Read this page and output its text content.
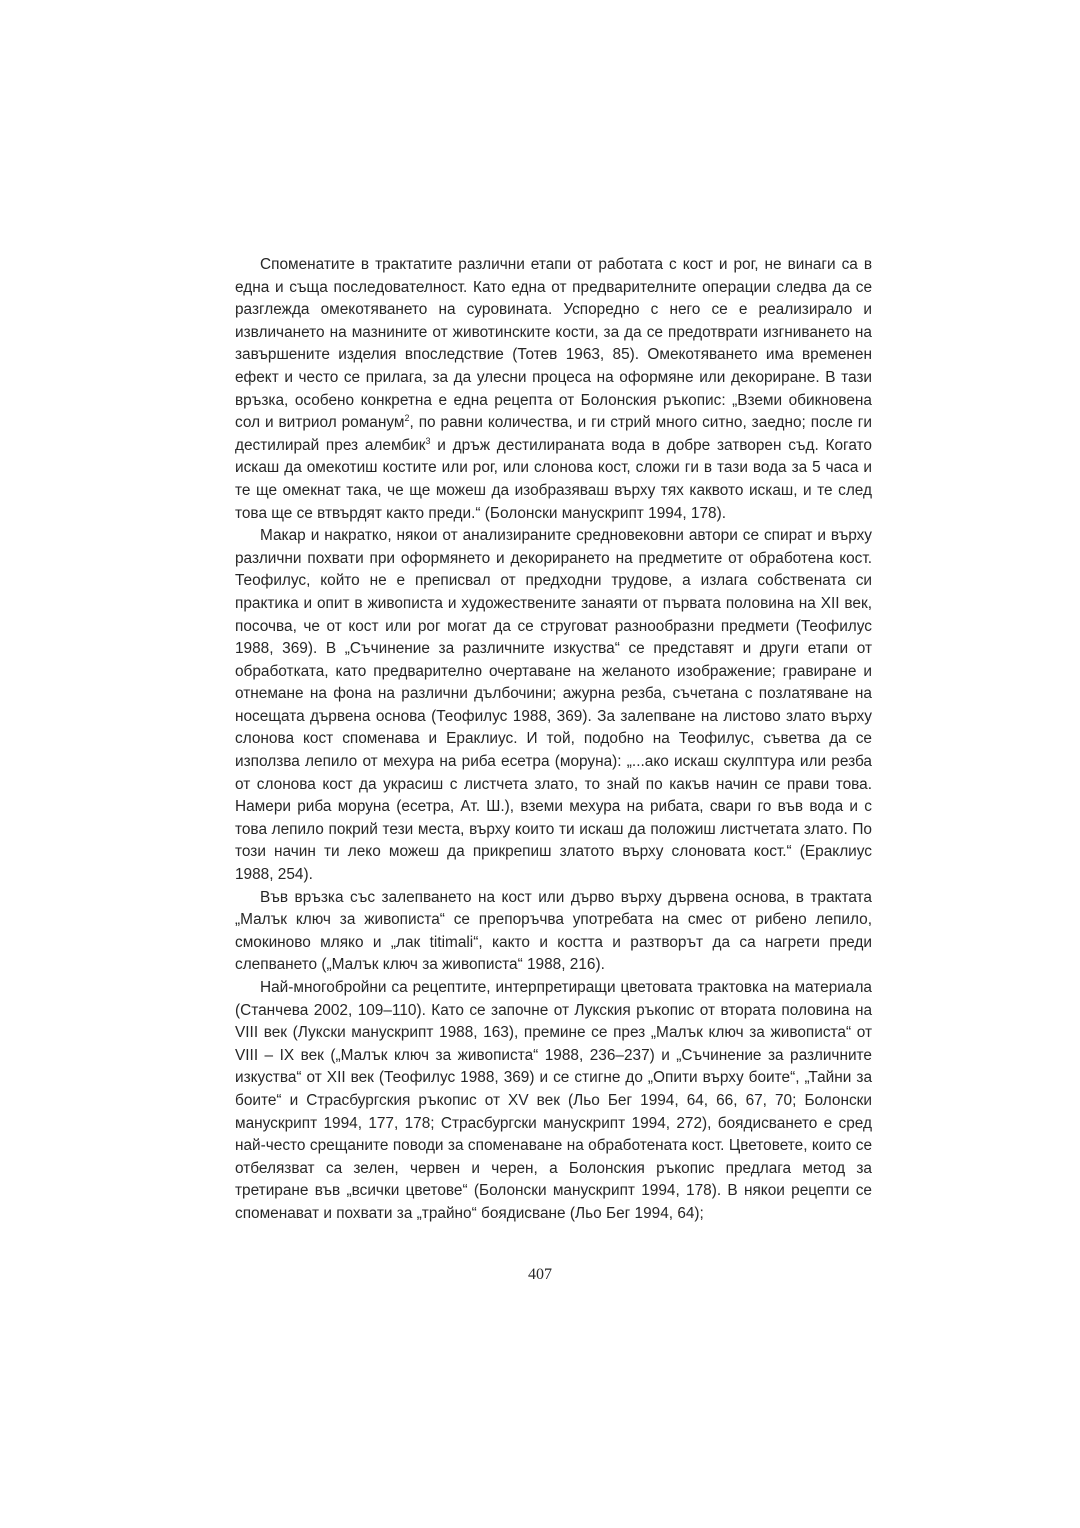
Споменатите в трактатите различни етапи от работата с кост и рог, не винаги са в една и съща последователност. Като една от предварителните операции следва да се разглежда омекотяването на суровината. Успоредно с него се е реализирало и извличането на мазнините от животинските кости, за да се предотврати изгниването на завършените изделия впоследствие (Тотев 1963, 85). Омекотяването има временен ефект и често се прилага, за да улесни процеса на оформяне или декориране. В тази връзка, особено конкретна е една рецепта от Болонския ръкопис: „Вземи обикновена сол и витриол романум$^2$, по равни количества, и ги стрий много ситно, заедно; после ги дестилирай през алембик$^3$ и дръж дестилираната вода в добре затворен съд. Когато искаш да омекотиш костите или рог, или слонова кост, сложи ги в тази вода за 5 часа и те ще омекнат така, че ще можеш да изобразяваш върху тях каквото искаш, и те след това ще се втвърдят както преди.“ (Болонски манускрипт 1994, 178).

Макар и накратко, някои от анализираните средновековни автори се спират и върху различни похвати при оформянето и декорирането на предметите от обработена кост. Теофилус, който не е преписвал от предходни трудове, а излага собствената си практика и опит в живописта и художествените занаяти от първата половина на XII век, посочва, че от кост или рог могат да се струговат разнообразни предмети (Теофилус 1988, 369). В „Съчинение за различните изкуства“ се представят и други етапи от обработката, като предварително очертаване на желаното изображение; гравиране и отнемане на фона на различни дълбочини; ажурна резба, съчетана с позлатяване на носещата дървена основа (Теофилус 1988, 369). За залепване на листово злато върху слонова кост споменава и Ераклиус. И той, подобно на Теофилус, съветва да се използва лепило от мехура на риба есетра (моруна): „...ако искаш скулптура или резба от слонова кост да украсиш с листчета злато, то знай по какъв начин се прави това. Намери риба моруна (есетра, Ат. Ш.), вземи мехура на рибата, свари го във вода и с това лепило покрий тези места, върху които ти искаш да положиш листчетата злато. По този начин ти леко можеш да прикрепиш златото върху слоновата кост.“ (Ераклиус 1988, 254).

Във връзка със залепването на кост или дърво върху дървена основа, в трактата „Малък ключ за живописта“ се препоръчва употребата на смес от рибено лепило, смокиново мляко и „лак titimali“, както и костта и разтворът да са нагрети преди слепването („Малък ключ за живописта“ 1988, 216).

Най-многобройни са рецептите, интерпретиращи цветовата трактовка на материала (Станчева 2002, 109–110). Като се започне от Лукския ръкопис от втората половина на VIII век (Лукски манускрипт 1988, 163), премине се през „Малък ключ за живописта“ от VIII – IX век („Малък ключ за живописта“ 1988, 236–237) и „Съчинение за различните изкуства“ от XII век (Теофилус 1988, 369) и се стигне до „Опити върху боите“, „Тайни за боите“ и Страсбургския ръкопис от XV век (Льо Бег 1994, 64, 66, 67, 70; Болонски манускрипт 1994, 177, 178; Страсбургски манускрипт 1994, 272), боядисването е сред най-често срещаните поводи за споменаване на обработената кост. Цветовете, които се отбелязват са зелен, червен и черен, а Болонския ръкопис предлага метод за третиране във „всички цветове“ (Болонски манускрипт 1994, 178). В някои рецепти се споменават и похвати за „трайно“ боядисване (Льо Бег 1994, 64);

407
